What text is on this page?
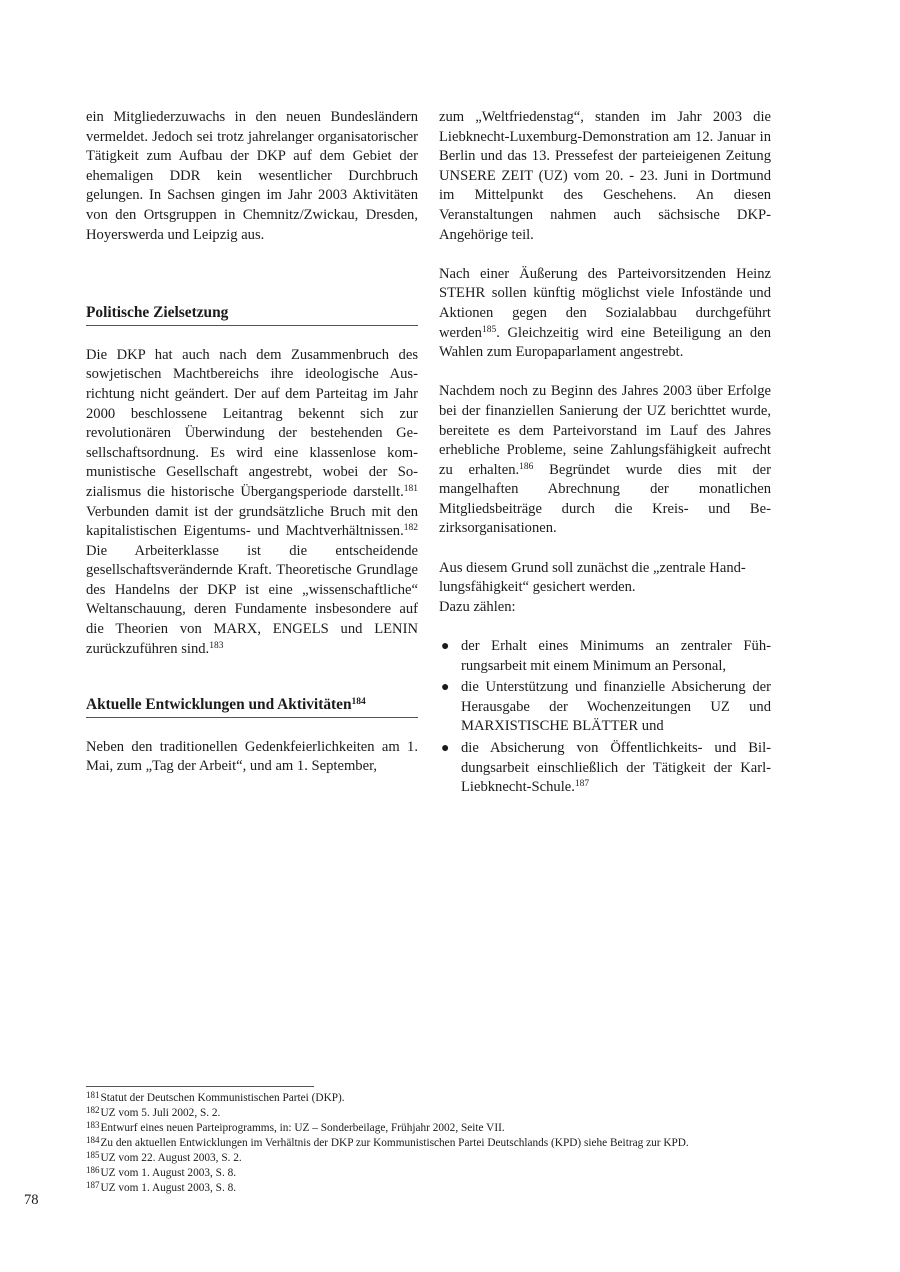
ein Mitgliederzuwachs in den neuen Bundesländern vermeldet. Jedoch sei trotz jahrelanger organisatorischer Tätigkeit zum Aufbau der DKP auf dem Gebiet der ehemaligen DDR kein wesentlicher Durchbruch gelungen. In Sachsen gingen im Jahr 2003 Aktivitäten von den Ortsgruppen in Chemnitz/Zwickau, Dresden, Hoyerswerda und Leipzig aus.

Politische Zielsetzung

Die DKP hat auch nach dem Zusammenbruch des sowjetischen Machtbereichs ihre ideologische Ausrichtung nicht geändert. Der auf dem Parteitag im Jahr 2000 beschlossene Leitantrag bekennt sich zur revolutionären Überwindung der bestehenden Gesellschaftsordnung. Es wird eine klassenlose kommunistische Gesellschaft angestrebt, wobei der Sozialismus die historische Übergangsperiode darstellt.$^{181}$ Verbunden damit ist der grundsätzliche Bruch mit den kapitalistischen Eigentums- und Machtverhältnissen.$^{182}$ Die Arbeiterklasse ist die entscheidende gesellschaftsverändernde Kraft. Theoretische Grundlage des Handelns der DKP ist eine „wissenschaftliche“ Weltanschauung, deren Fundamente insbesondere auf die Theorien von MARX, ENGELS und LENIN zurückzuführen sind.$^{183}$

Aktuelle Entwicklungen und Aktivitäten$^{184}$

Neben den traditionellen Gedenkfeierlichkeiten am 1. Mai, zum „Tag der Arbeit“, und am 1. September,

zum „Weltfriedenstag“, standen im Jahr 2003 die Liebknecht-Luxemburg-Demonstration am 12. Januar in Berlin und das 13. Pressefest der parteieigenen Zeitung UNSERE ZEIT (UZ) vom 20. - 23. Juni in Dortmund im Mittelpunkt des Geschehens. An diesen Veranstaltungen nahmen auch sächsische DKP-Angehörige teil.

Nach einer Äußerung des Parteivorsitzenden Heinz STEHR sollen künftig möglichst viele Infostände und Aktionen gegen den Sozialabbau durchgeführt werden$^{185}$. Gleichzeitig wird eine Beteiligung an den Wahlen zum Europaparlament angestrebt.

Nachdem noch zu Beginn des Jahres 2003 über Erfolge bei der finanziellen Sanierung der UZ berichttet wurde, bereitete es dem Parteivorstand im Lauf des Jahres erhebliche Probleme, seine Zahlungsfähigkeit aufrecht zu erhalten.$^{186}$ Begründet wurde dies mit der mangelhaften Abrechnung der monatlichen Mitgliedsbeiträge durch die Kreis- und Bezirksorganisationen.

Aus diesem Grund soll zunächst die „zentrale Handlungsfähigkeit“ gesichert werden.
Dazu zählen:

● der Erhalt eines Minimums an zentraler Führungsarbeit mit einem Minimum an Personal,
● die Unterstützung und finanzielle Absicherung der Herausgabe der Wochenzeitungen UZ und MARXISTISCHE BLÄTTER und
● die Absicherung von Öffentlichkeits- und Bildungsarbeit einschließlich der Tätigkeit der Karl-Liebknecht-Schule.$^{187}$
$^{181}$Statut der Deutschen Kommunistischen Partei (DKP).
$^{182}$UZ vom 5. Juli 2002, S. 2.
$^{183}$Entwurf eines neuen Parteiprogramms, in: UZ – Sonderbeilage, Frühjahr 2002, Seite VII.
$^{184}$Zu den aktuellen Entwicklungen im Verhältnis der DKP zur Kommunistischen Partei Deutschlands (KPD) siehe Beitrag zur KPD.
$^{185}$UZ vom 22. August 2003, S. 2.
$^{186}$UZ vom 1. August 2003, S. 8.
$^{187}$UZ vom 1. August 2003, S. 8.
78
